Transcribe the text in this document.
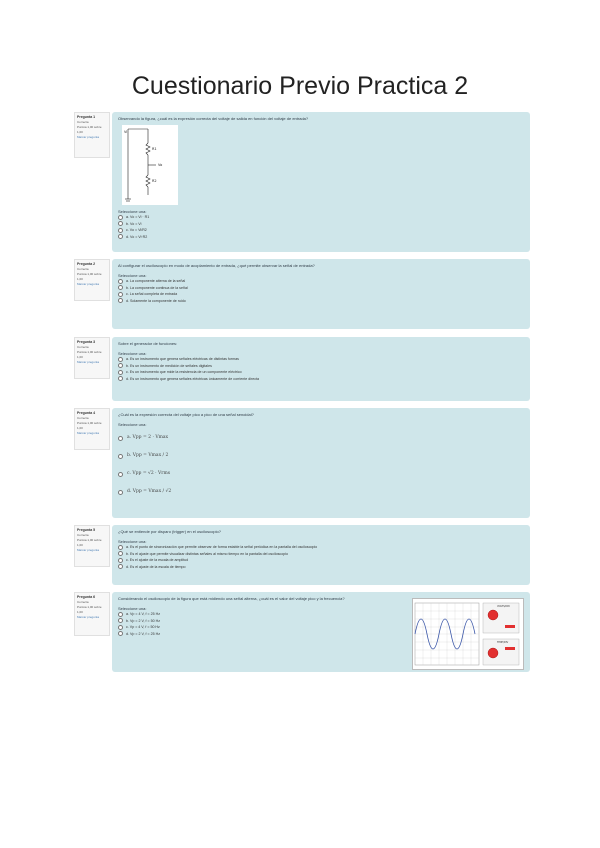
Cuestionario Previo Practica 2
Pregunta 1
Correcta
Puntúa 1,00 sobre 1,00
Marcar pregunta
Observando la figura, ¿cuál es la expresión correcta del voltaje de salida en función del voltaje de entrada?
Vi
R1
Vo
R2
Seleccione una:
a. Vo = Vi · R1
b. Vo = Vi
c. Vo = Vi/R2
d. Vo = Vi·R2
Pregunta 2
Correcta
Puntúa 1,00 sobre 1,00
Marcar pregunta
Al configurar el osciloscopio en modo de acoplamiento de entrada, ¿qué permite observar la señal de entrada?
Seleccione una:
a. La componente alterna de la señal
b. La componente continua de la señal
c. La señal completa de entrada
d. Solamente la componente de ruido
Pregunta 3
Correcta
Puntúa 1,00 sobre 1,00
Marcar pregunta
Sobre el generador de funciones:
Seleccione una:
a. Es un instrumento que genera señales eléctricas de distintas formas
b. Es un instrumento de medición de señales digitales
c. Es un instrumento que mide la resistencia de un componente eléctrico
d. Es un instrumento que genera señales eléctricas únicamente de corriente directa
Pregunta 4
Correcta
Puntúa 1,00 sobre 1,00
Marcar pregunta
¿Cuál es la expresión correcta del voltaje pico a pico de una señal senoidal?
Seleccione una:
a. Vpp = 2 · Vmax
b. Vpp = Vmax / 2
c. Vpp = √2 · Vrms
d. Vpp = Vmax / √2
Pregunta 5
Correcta
Puntúa 1,00 sobre 1,00
Marcar pregunta
¿Qué se entiende por disparo (trigger) en el osciloscopio?
Seleccione una:
a. Es el punto de sincronización que permite observar de forma estable la señal periódica en la pantalla del osciloscopio
b. Es el ajuste que permite visualizar distintas señales al mismo tiempo en la pantalla del osciloscopio
c. Es el ajuste de la escala de amplitud
d. Es el ajuste de la escala de tiempo
Pregunta 6
Correcta
Puntúa 1,00 sobre 1,00
Marcar pregunta
Considerando el osciloscopio de la figura que está midiendo una señal alterna, ¿cuál es el valor del voltaje pico y la frecuencia?
Seleccione una:
a. Vp = 4 V, f = 25 Hz
b. Vp = 2 V, f = 50 Hz
c. Vp = 4 V, f = 50 Hz
d. Vp = 2 V, f = 25 Hz
VOLTS/DIV
TIME/DIV
